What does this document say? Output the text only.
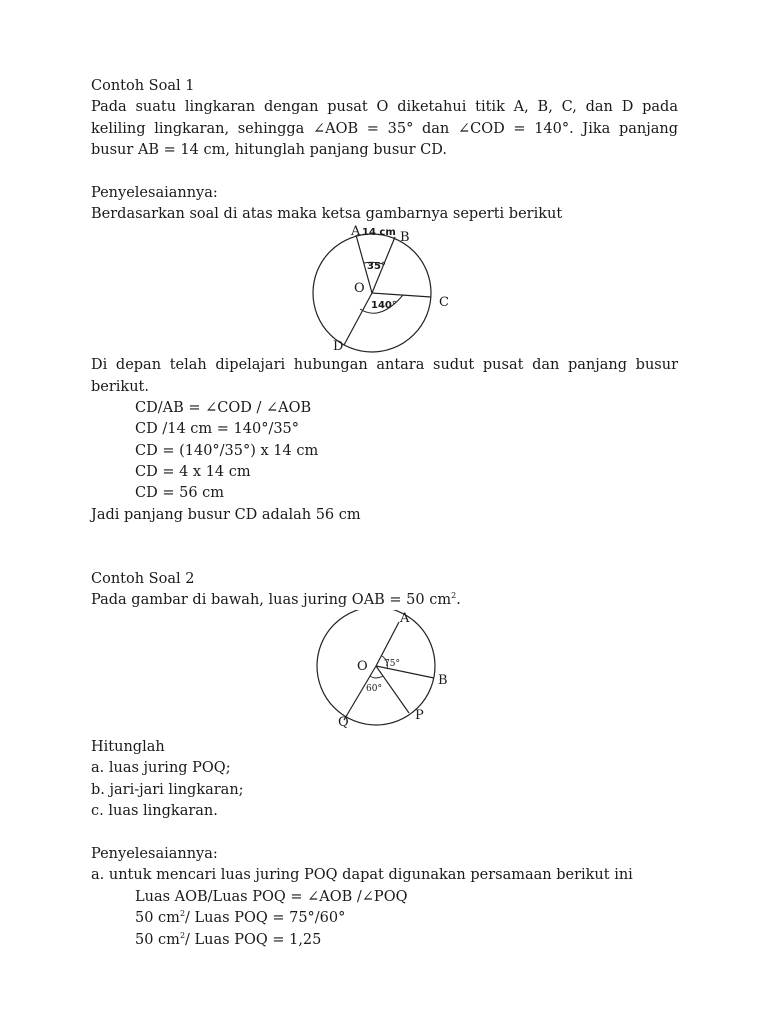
Contoh Soal 1

Pada suatu lingkaran dengan pusat O diketahui titik A, B, C, dan D pada keliling lingkaran, sehingga ∠AOB = 35° dan ∠COD = 140°. Jika panjang busur AB = 14 cm, hitunglah panjang busur CD.

Penyelesaiannya:

Berdasarkan soal di atas maka ketsa gambarnya seperti berikut

A 14 cm B
35°
O
140°	C
D

Di depan telah dipelajari hubungan antara sudut pusat dan panjang busur berikut.

CD/AB = ∠COD / ∠AOB

CD /14 cm = 140°/35°

CD = (140°/35°) x 14 cm

CD = 4 x 14 cm

CD = 56 cm

Jadi panjang busur CD adalah 56 cm

Contoh Soal 2

Pada gambar di bawah, luas juring OAB = 50 $cm^2$.

A
O 75°
60°
B
P
Q

Hitunglah

a. luas juring POQ;

b. jari-jari lingkaran;

c. luas lingkaran.

Penyelesaiannya:

a. untuk mencari luas juring POQ dapat digunakan persamaan berikut ini

Luas AOB/Luas POQ = ∠AOB /∠POQ

50 $cm^2/$ Luas POQ = 75°/60°

50 $cm^2/$ Luas POQ = 1,25
